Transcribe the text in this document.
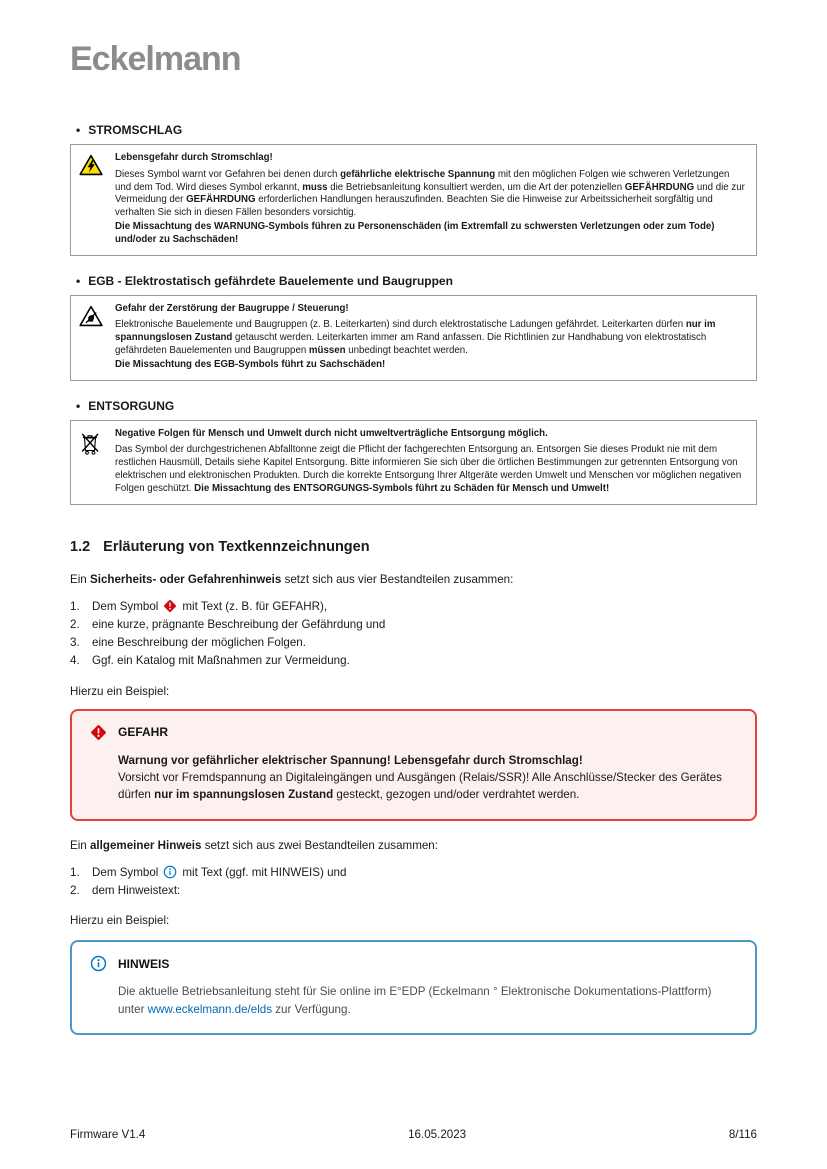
Eckelmann
• STROMSCHLAG

Lebensgefahr durch Stromschlag!

Dieses Symbol warnt vor Gefahren bei denen durch gefährliche elektrische Spannung mit den möglichen Folgen wie schweren Verletzungen und dem Tod. Wird dieses Symbol erkannt, muss die Betriebsanleitung konsultiert werden, um die Art der potenziellen GEFÄHRDUNG und die zur Vermeidung der GEFÄHRDUNG erforderlichen Handlungen herauszufinden. Beachten Sie die Hinweise zur Arbeitssicherheit sorgfältig und verhalten Sie sich in diesen Fällen besonders vorsichtig.

Die Missachtung des WARNUNG-Symbols führen zu Personenschäden (im Extremfall zu schwersten Verletzungen oder zum Tode) und/oder zu Sachschäden!

• EGB - Elektrostatisch gefährdete Bauelemente und Baugruppen

Gefahr der Zerstörung der Baugruppe / Steuerung!

Elektronische Bauelemente und Baugruppen (z. B. Leiterkarten) sind durch elektrostatische Ladungen gefährdet. Leiterkarten dürfen nur im spannungslosen Zustand getauscht werden. Leiterkarten immer am Rand anfassen. Die Richtlinien zur Handhabung von elektrostatisch gefährdeten Bauelementen und Baugruppen müssen unbedingt beachtet werden.

Die Missachtung des EGB-Symbols führt zu Sachschäden!

• ENTSORGUNG

Negative Folgen für Mensch und Umwelt durch nicht umweltverträgliche Entsorgung möglich.

Das Symbol der durchgestrichenen Abfalltonne zeigt die Pflicht der fachgerechten Entsorgung an. Entsorgen Sie dieses Produkt nie mit dem restlichen Hausmüll, Details siehe Kapitel Entsorgung. Bitte informieren Sie sich über die örtlichen Bestimmungen zur getrennten Entsorgung von elektrischen und elektronischen Produkten. Durch die korrekte Entsorgung Ihrer Altgeräte werden Umwelt und Menschen vor möglichen negativen Folgen geschützt. Die Missachtung des ENTSORGUNGS-Symbols führt zu Schäden für Mensch und Umwelt!

1.2 Erläuterung von Textkennzeichnungen

Ein Sicherheits- oder Gefahrenhinweis setzt sich aus vier Bestandteilen zusammen:

1.	Dem Symbol mit Text (z. B. für GEFAHR),
2.	eine kurze, prägnante Beschreibung der Gefährdung und
3.	eine Beschreibung der möglichen Folgen.
4.	Ggf. ein Katalog mit Maßnahmen zur Vermeidung.

Hierzu ein Beispiel:

GEFAHR

Warnung vor gefährlicher elektrischer Spannung! Lebensgefahr durch Stromschlag!

Vorsicht vor Fremdspannung an Digitaleingängen und Ausgängen (Relais/SSR)! Alle Anschlüsse/Stecker des Gerätes dürfen nur im spannungslosen Zustand gesteckt, gezogen und/oder verdrahtet werden.

Ein allgemeiner Hinweis setzt sich aus zwei Bestandteilen zusammen:

1.	Dem Symbol mit Text (ggf. mit HINWEIS) und
2.	dem Hinweistext:

Hierzu ein Beispiel:

HINWEIS

Die aktuelle Betriebsanleitung steht für Sie online im E°EDP (Eckelmann ° Elektronische Dokumentations-Plattform) unter www.eckelmann.de/elds zur Verfügung.

Firmware V1.4	16.05.2023	8/116
